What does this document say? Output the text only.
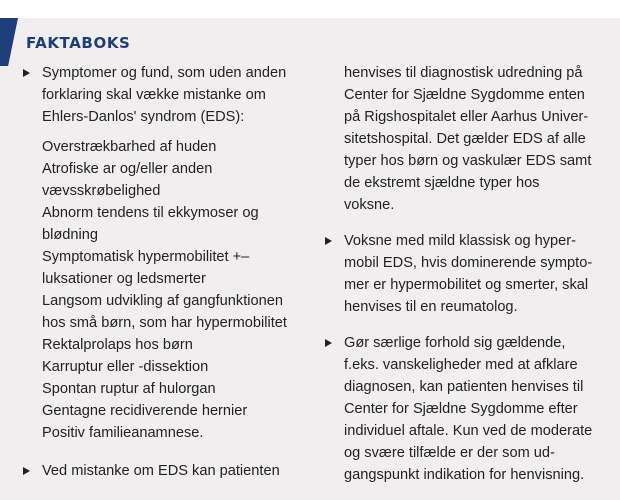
FAKTABOKS
Symptomer og fund, som uden anden
forklaring skal vække mistanke om
Ehlers-Danlos' syndrom (EDS):
Overstrækbarhed af huden
Atrofiske ar og/eller anden
vævsskrøbelighed
Abnorm tendens til ekkymoser og
blødning
Symptomatisk hypermobilitet +–
luksationer og ledsmerter
Langsom udvikling af gangfunktionen
hos små børn, som har hypermobilitet
Rektalprolaps hos børn
Karruptur eller -dissektion
Spontan ruptur af hulorgan
Gentagne recidiverende hernier
Positiv familieanamnese.
Ved mistanke om EDS kan patienten
henvises til diagnostisk udredning på
Center for Sjældne Sygdomme enten
på Rigshospitalet eller Aarhus Univer-
sitetshospital. Det gælder EDS af alle
typer hos børn og vaskulær EDS samt
de ekstremt sjældne typer hos
voksne.
Voksne med mild klassisk og hyper-
mobil EDS, hvis dominerende sympto-
mer er hypermobilitet og smerter, skal
henvises til en reumatolog.
Gør særlige forhold sig gældende,
f.eks. vanskeligheder med at afklare
diagnosen, kan patienten henvises til
Center for Sjældne Sygdomme efter
individuel aftale. Kun ved de moderate
og svære tilfælde er der som ud-
gangspunkt indikation for henvisning.
